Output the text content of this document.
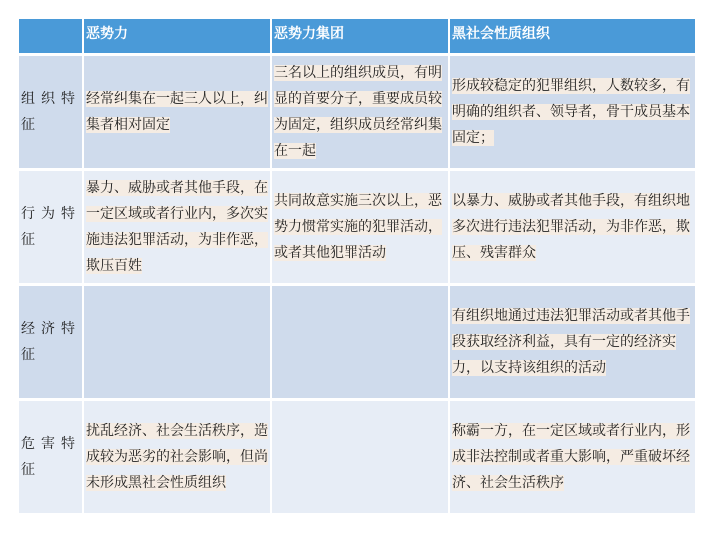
	恶势力	恶势力集团	黑社会性质组织
组织特征	经常纠集在一起三人以上，纠集者相对固定	三名以上的组织成员，有明显的首要分子，重要成员较为固定，组织成员经常纠集在一起	形成较稳定的犯罪组织，人数较多，有明确的组织者、领导者，骨干成员基本固定；
行为特征	暴力、威胁或者其他手段，在一定区域或者行业内，多次实施违法犯罪活动，为非作恶，欺压百姓	共同故意实施三次以上，恶势力惯常实施的犯罪活动，或者其他犯罪活动	以暴力、威胁或者其他手段，有组织地多次进行违法犯罪活动，为非作恶，欺压、残害群众
经济特征			有组织地通过违法犯罪活动或者其他手段获取经济利益，具有一定的经济实力，以支持该组织的活动
危害特征	扰乱经济、社会生活秩序，造成较为恶劣的社会影响，但尚未形成黑社会性质组织		称霸一方，在一定区域或者行业内，形成非法控制或者重大影响，严重破坏经济、社会生活秩序
